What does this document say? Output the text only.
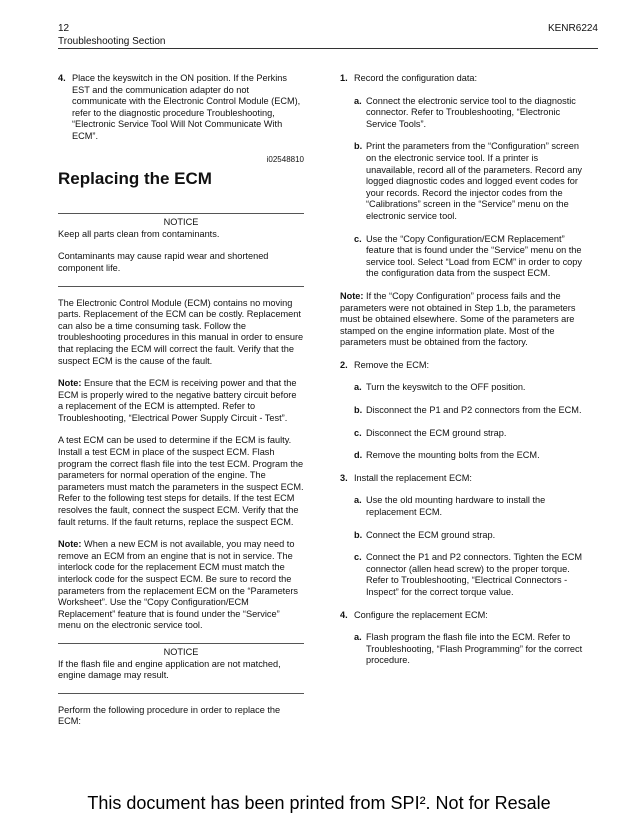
12
Troubleshooting Section
KENR6224
4. Place the keyswitch in the ON position. If the Perkins EST and the communication adapter do not communicate with the Electronic Control Module (ECM), refer to the diagnostic procedure Troubleshooting, “Electronic Service Tool Will Not Communicate With ECM”.
i02548810
Replacing the ECM
NOTICE

Keep all parts clean from contaminants.

Contaminants may cause rapid wear and shortened component life.

The Electronic Control Module (ECM) contains no moving parts. Replacement of the ECM can be costly. Replacement can also be a time consuming task. Follow the troubleshooting procedures in this manual in order to ensure that replacing the ECM will correct the fault. Verify that the suspect ECM is the cause of the fault.

Note: Ensure that the ECM is receiving power and that the ECM is properly wired to the negative battery circuit before a replacement of the ECM is attempted. Refer to Troubleshooting, “Electrical Power Supply Circuit - Test”.

A test ECM can be used to determine if the ECM is faulty. Install a test ECM in place of the suspect ECM. Flash program the correct flash file into the test ECM. Program the parameters for normal operation of the engine. The parameters must match the parameters in the suspect ECM. Refer to the following test steps for details. If the test ECM resolves the fault, connect the suspect ECM. Verify that the fault returns. If the fault returns, replace the suspect ECM.

Note: When a new ECM is not available, you may need to remove an ECM from an engine that is not in service. The interlock code for the replacement ECM must match the interlock code for the suspect ECM. Be sure to record the parameters from the replacement ECM on the “Parameters Worksheet”. Use the “Copy Configuration/ECM Replacement” feature that is found under the “Service” menu on the electronic service tool.

NOTICE

If the flash file and engine application are not matched, engine damage may result.

Perform the following procedure in order to replace the ECM:

1. Record the configuration data:
a. Connect the electronic service tool to the diagnostic connector. Refer to Troubleshooting, “Electronic Service Tools”.
b. Print the parameters from the “Configuration” screen on the electronic service tool. If a printer is unavailable, record all of the parameters. Record any logged diagnostic codes and logged event codes for your records. Record the injector codes from the “Calibrations” screen in the “Service” menu on the electronic service tool.
c. Use the “Copy Configuration/ECM Replacement” feature that is found under the “Service” menu on the service tool. Select “Load from ECM” in order to copy the configuration data from the suspect ECM.

Note: If the “Copy Configuration” process fails and the parameters were not obtained in Step 1.b, the parameters must be obtained elsewhere. Some of the parameters are stamped on the engine information plate. Most of the parameters must be obtained from the factory.

2. Remove the ECM:
a. Turn the keyswitch to the OFF position.
b. Disconnect the P1 and P2 connectors from the ECM.
c. Disconnect the ECM ground strap.
d. Remove the mounting bolts from the ECM.
3. Install the replacement ECM:
a. Use the old mounting hardware to install the replacement ECM.
b. Connect the ECM ground strap.
c. Connect the P1 and P2 connectors. Tighten the ECM connector (allen head screw) to the proper torque. Refer to Troubleshooting, “Electrical Connectors - Inspect” for the correct torque value.
4. Configure the replacement ECM:
a. Flash program the flash file into the ECM. Refer to Troubleshooting, “Flash Programming” for the correct procedure.
This document has been printed from SPI². Not for Resale
